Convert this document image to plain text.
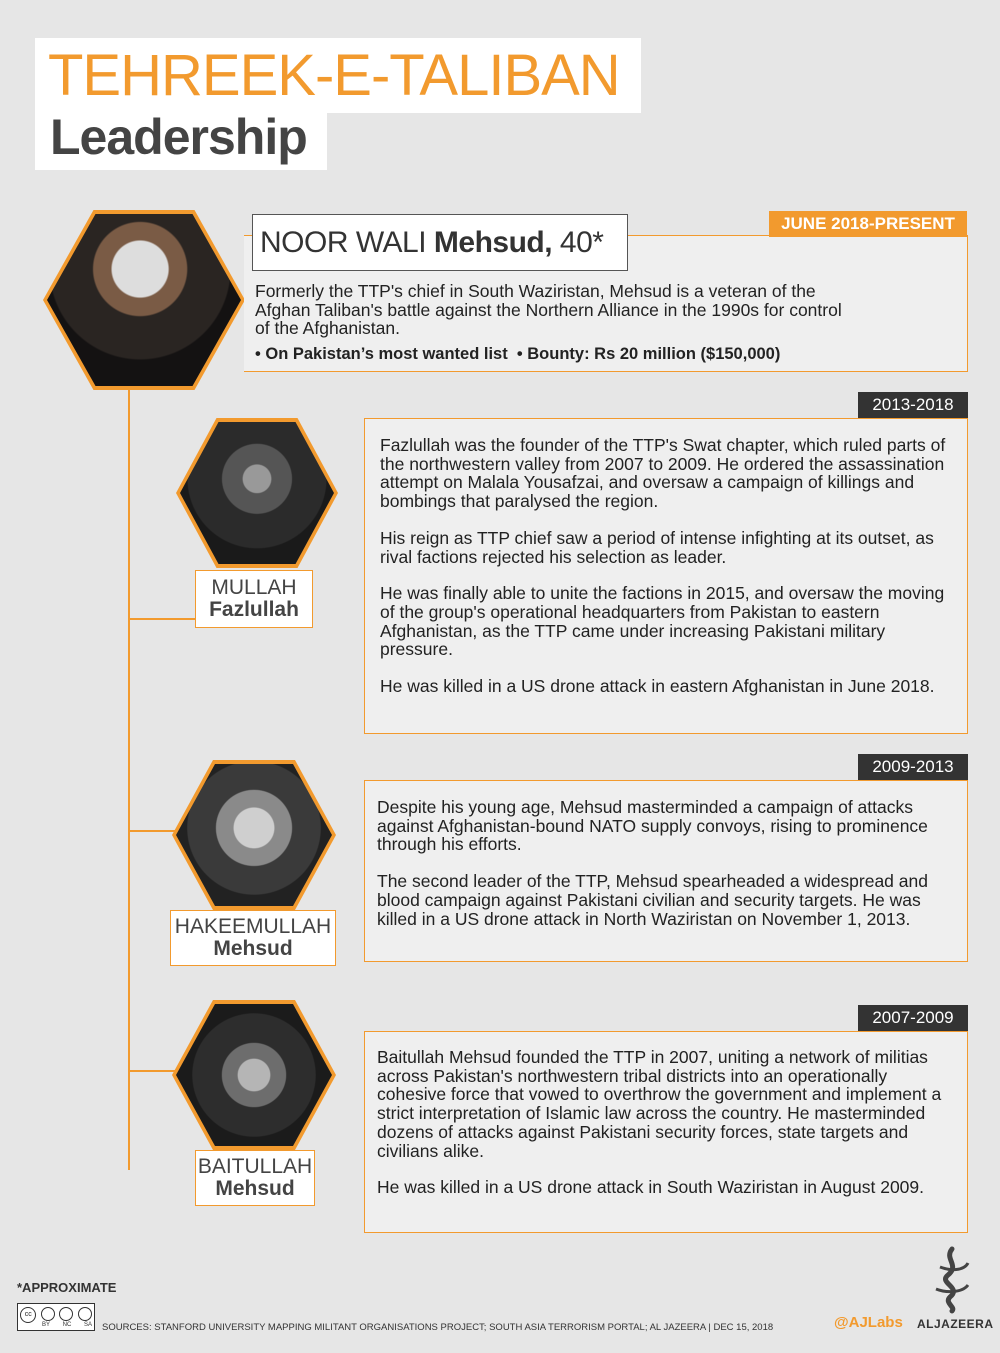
TEHREEK-E-TALIBAN
Leadership
JUNE 2018-PRESENT
NOOR WALI Mehsud, 40*
Formerly the TTP's chief in South Waziristan, Mehsud is a veteran of the Afghan Taliban's battle against the Northern Alliance in the 1990s for control of the Afghanistan.
• On Pakistan’s most wanted list • Bounty: Rs 20 million ($150,000)
2013-2018

Fazlullah was the founder of the TTP's Swat chapter, which ruled parts of the northwestern valley from 2007 to 2009. He ordered the assassination attempt on Malala Yousafzai, and oversaw a campaign of killings and bombings that paralysed the region.

His reign as TTP chief saw a period of intense infighting at its outset, as rival factions rejected his selection as leader.

He was finally able to unite the factions in 2015, and oversaw the moving of the group's operational headquarters from Pakistan to eastern Afghanistan, as the TTP came under increasing Pakistani military pressure.

He was killed in a US drone attack in eastern Afghanistan in June 2018.

MULLAH
Fazlullah
2009-2013

Despite his young age, Mehsud masterminded a campaign of attacks against Afghanistan-bound NATO supply convoys, rising to prominence through his efforts.

The second leader of the TTP, Mehsud spearheaded a widespread and blood campaign against Pakistani civilian and security targets. He was killed in a US drone attack in North Waziristan on November 1, 2013.

HAKEEMULLAH
Mehsud
2007-2009

Baitullah Mehsud founded the TTP in 2007, uniting a network of militias across Pakistan's northwestern tribal districts into an operationally cohesive force that vowed to overthrow the government and implement a strict interpretation of Islamic law across the country. He masterminded dozens of attacks against Pakistani security forces, state targets and civilians alike.

He was killed in a US drone attack in South Waziristan in August 2009.

BAITULLAH
Mehsud
*APPROXIMATE
cc
BY NC SA SOURCES: STANFORD UNIVERSITY MAPPING MILITANT ORGANISATIONS PROJECT; SOUTH ASIA TERRORISM PORTAL; AL JAZEERA | DEC 15, 2018	@AJLabs ALJAZEERA
